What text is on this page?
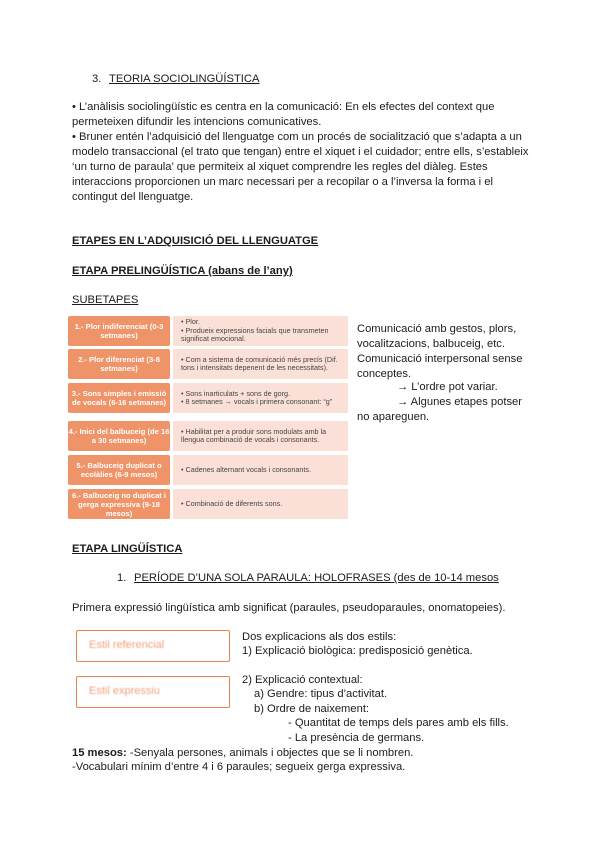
3. TEORIA SOCIOLINGÜÍSTICA
• L’anàlisis sociolingüístic es centra en la comunicació: En els efectes del context que permeteixen difundir les intencions comunicatives.
• Bruner entén l’adquisició del llenguatge com un procés de socialització que s’adapta a un modelo transaccional (el trato que tengan) entre el xiquet i el cuidador; entre ells, s’estableix ‘un turno de paraula’ que permiteix al xiquet comprendre les regles del diàleg. Estes interaccions proporcionen un marc necessari per a recopilar o a l’inversa la forma i el contingut del llenguatge.
ETAPES EN L’ADQUISICIÓ DEL LLENGUATGE
ETAPA PRELINGÜÍSTICA (abans de l’any)
SUBETAPES
1.- Plor indiferenciat (0-3 setmanes)
• Plor.
• Produeix expressions facials que transmeten significat emocional.
2.- Plor diferenciat (3-8 setmanes)
• Com a sistema de comunicació més precís (Dif. tons i intensitats depenent de les necessitats).
3.- Sons simples i emissió de vocals (6-16 setmanes)
• Sons inarticulats + sons de gorg.
• 8 setmanes → vocals i primera consonant: “g”
4.- Inici del balbuceig (de 16 a 30 setmanes)
• Habilitat per a produir sons modulats amb la llengua combinació de vocals i consonants.
5.- Balbuceig duplicat o ecolàlies (6-9 mesos)
• Cadenes alternant vocals i consonants.
6.- Balbuceig no duplicat i gerga expressiva (9-18 mesos)
• Combinació de diferents sons.
Comunicació amb gestos, plors, vocalitzacions, balbuceig, etc. Comunicació interpersonal sense conceptes.
→ L’ordre pot variar.
→ Algunes etapes potser no apareguen.
ETAPA LINGÜÍSTICA
1. PERÍODE D’UNA SOLA PARAULA: HOLOFRASES (des de 10-14 mesos
Primera expressió lingüística amb significat (paraules, pseudoparaules, onomatopeies).
Estil referencial
Estil expressiu
Dos explicacions als dos estils:
1) Explicació biològica: predisposició genètica.
2) Explicació contextual:
a) Gendre: tipus d’activitat.
b) Ordre de naixement:
- Quantitat de temps dels pares amb els fills.
- La presència de germans.
15 mesos: -Senyala persones, animals i objectes que se li nombren.
-Vocabulari mínim d’entre 4 i 6 paraules; segueix gerga expressiva.
